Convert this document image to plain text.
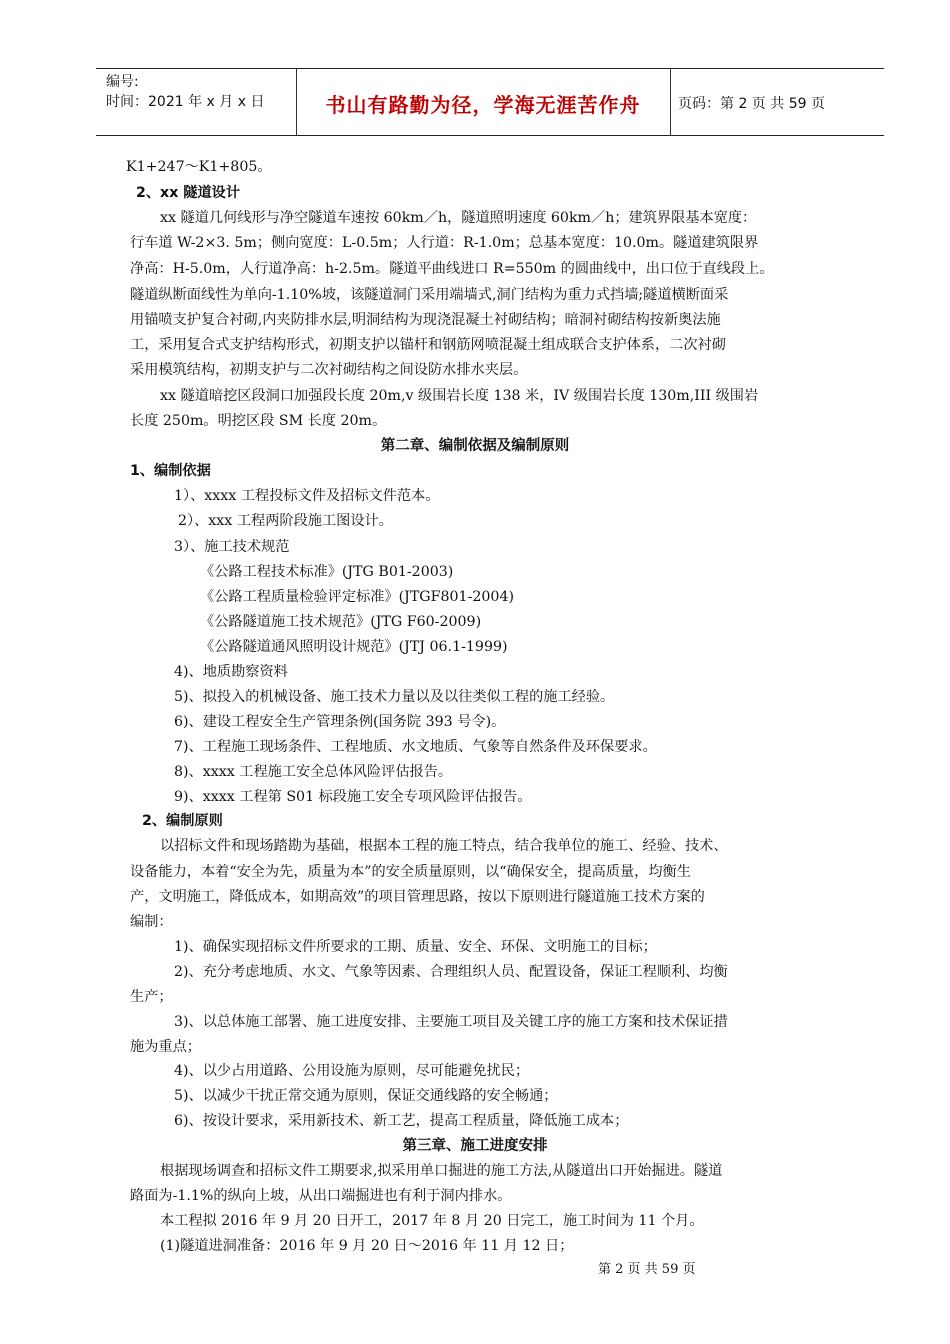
编号:
时间：2021 年 x 月 x 日	书山有路勤为径，学海无涯苦作舟	页码：第 2 页 共 59 页
K1+247～K1+805。
2、xx 隧道设计
xx 隧道几何线形与净空隧道车速按 60km／h，隧道照明速度 60km／h；建筑界限基本宽度：
行车道 W-2×3. 5m；侧向宽度：L-0.5m；人行道：R-1.0m；总基本宽度：10.0m。隧道建筑限界
净高：H-5.0m，人行道净高：h-2.5m。隧道平曲线进口 R=550m 的圆曲线中，出口位于直线段上。
隧道纵断面线性为单向-1.10%坡，该隧道洞门采用端墙式,洞门结构为重力式挡墙;隧道横断面采
用锚喷支护复合衬砌,内夹防排水层,明洞结构为现浇混凝土衬砌结构；暗洞衬砌结构按新奥法施
工，采用复合式支护结构形式，初期支护以锚杆和钢筋网喷混凝土组成联合支护体系，二次衬砌
采用模筑结构，初期支护与二次衬砌结构之间设防水排水夹层。
xx 隧道暗挖区段洞口加强段长度 20m,v 级围岩长度 138 米，IV 级围岩长度 130m,III 级围岩
长度 250m。明挖区段 SM 长度 20m。
第二章、编制依据及编制原则
1、编制依据
1）、xxxx 工程投标文件及招标文件范本。
2）、xxx 工程两阶段施工图设计。
3）、施工技术规范
《公路工程技术标准》(JTG B01-2003)
《公路工程质量检验评定标准》(JTGF801-2004)
《公路隧道施工技术规范》(JTG F60-2009)
《公路隧道通风照明设计规范》(JTJ 06.1-1999)
4)、地质勘察资料
5)、拟投入的机械设备、施工技术力量以及以往类似工程的施工经验。
6)、建设工程安全生产管理条例(国务院 393 号令)。
7)、工程施工现场条件、工程地质、水文地质、气象等自然条件及环保要求。
8)、xxxx 工程施工安全总体风险评估报告。
9)、xxxx 工程第 S01 标段施工安全专项风险评估报告。
2、编制原则
以招标文件和现场踏勘为基础，根据本工程的施工特点，结合我单位的施工、经验、技术、
设备能力，本着“安全为先，质量为本”的安全质量原则，以“确保安全，提高质量，均衡生
产，文明施工，降低成本，如期高效”的项目管理思路，按以下原则进行隧道施工技术方案的
编制：
1)、确保实现招标文件所要求的工期、质量、安全、环保、文明施工的目标；
2)、充分考虑地质、水文、气象等因素、合理组织人员、配置设备，保证工程顺利、均衡
生产；
3)、以总体施工部署、施工进度安排、主要施工项目及关键工序的施工方案和技术保证措
施为重点；
4)、以少占用道路、公用设施为原则，尽可能避免扰民；
5)、以减少干扰正常交通为原则，保证交通线路的安全畅通；
6)、按设计要求，采用新技术、新工艺，提高工程质量，降低施工成本；
第三章、施工进度安排
根据现场调查和招标文件工期要求,拟采用单口掘进的施工方法,从隧道出口开始掘进。隧道
路面为-1.1%的纵向上坡，从出口端掘进也有利于洞内排水。
本工程拟 2016 年 9 月 20 日开工，2017 年 8 月 20 日完工，施工时间为 11 个月。
(1)隧道进洞准备：2016 年 9 月 20 日～2016 年 11 月 12 日；
第 2 页 共 59 页
